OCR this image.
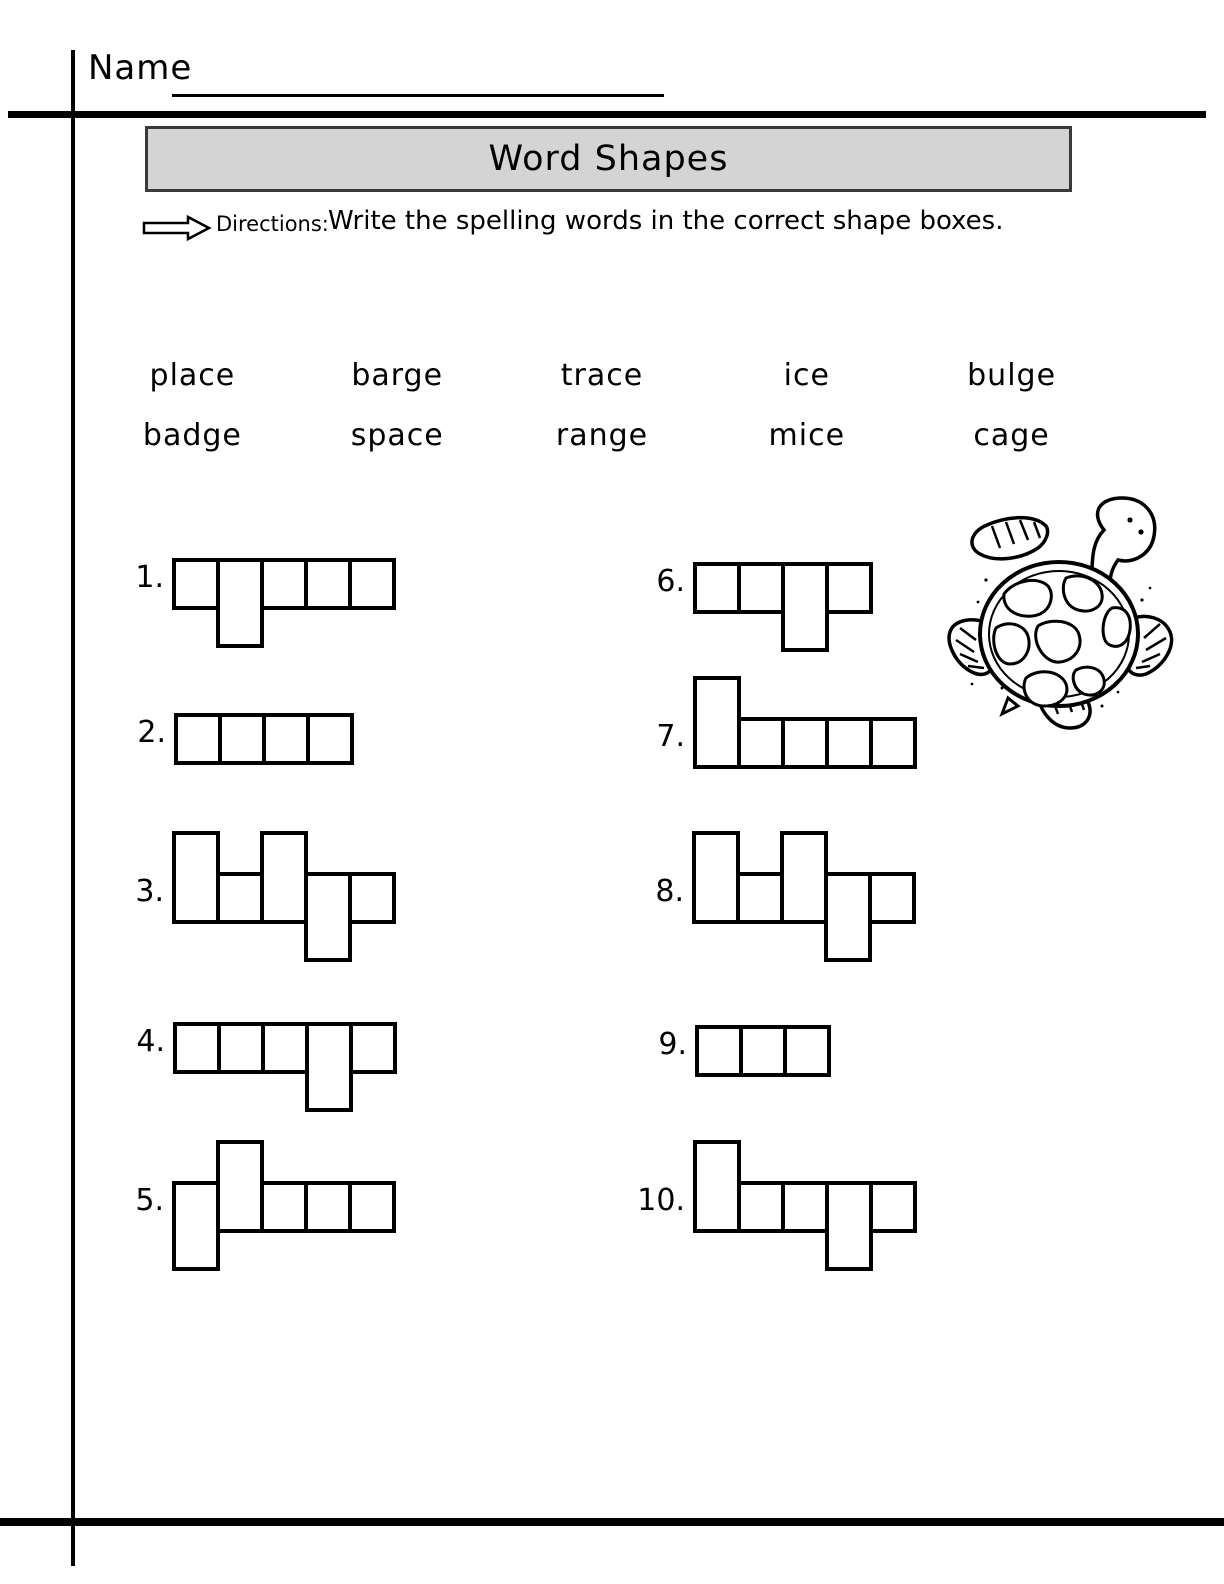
Name
Word Shapes
Directions: Write the spelling words in the correct shape boxes.
place	barge	trace	ice	bulge
badge	space	range	mice	cage
1.
2.
3.
4.
5.
6.
7.
8.
9.
10.
